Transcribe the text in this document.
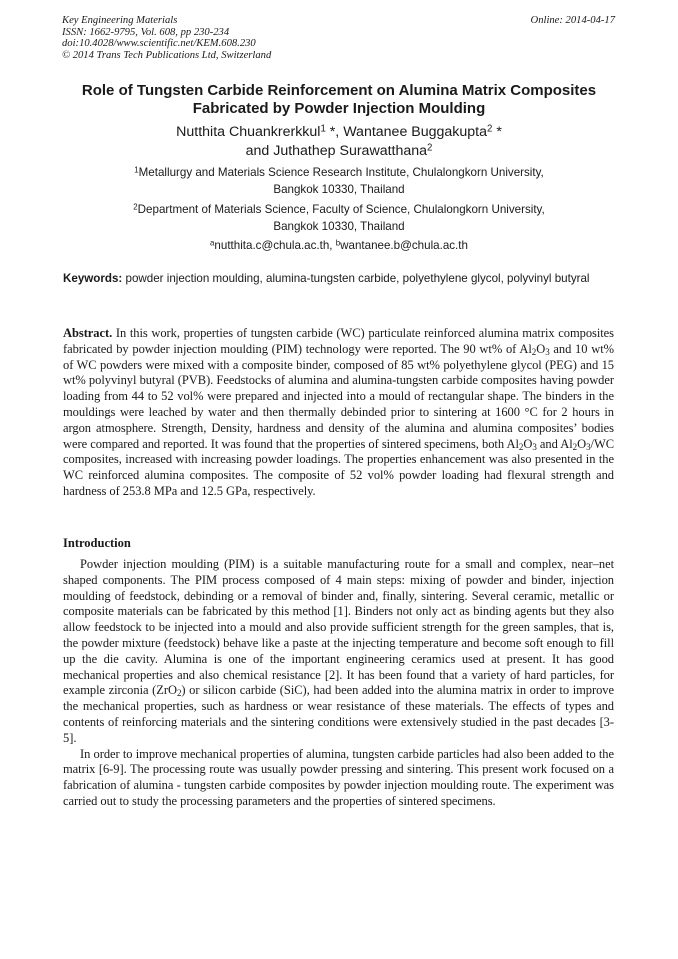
Key Engineering Materials
ISSN: 1662-9795, Vol. 608, pp 230-234
doi:10.4028/www.scientific.net/KEM.608.230
© 2014 Trans Tech Publications Ltd, Switzerland
Online: 2014-04-17
Role of Tungsten Carbide Reinforcement on Alumina Matrix Composites
Fabricated by Powder Injection Moulding
Nutthita Chuankrerkkul$^1$ *, Wantanee Buggakupta$^2$ *
and Juthathep Surawatthana$^2$
$^1$Metallurgy and Materials Science Research Institute, Chulalongkorn University,
Bangkok 10330, Thailand
$^2$Department of Materials Science, Faculty of Science, Chulalongkorn University,
Bangkok 10330, Thailand
$^a$nutthita.c@chula.ac.th, $^b$wantanee.b@chula.ac.th
Keywords: powder injection moulding, alumina-tungsten carbide, polyethylene glycol, polyvinyl butyral
Abstract. In this work, properties of tungsten carbide (WC) particulate reinforced alumina matrix composites fabricated by powder injection moulding (PIM) technology were reported. The 90 wt% of $Al_2O_3$ and 10 wt% of WC powders were mixed with a composite binder, composed of 85 wt% polyethylene glycol (PEG) and 15 wt% polyvinyl butyral (PVB). Feedstocks of alumina and alumina-tungsten carbide composites having powder loading from 44 to 52 vol% were prepared and injected into a mould of rectangular shape. The binders in the mouldings were leached by water and then thermally debinded prior to sintering at 1600 °C for 2 hours in argon atmosphere. Strength, Density, hardness and density of the alumina and alumina composites’ bodies were compared and reported. It was found that the properties of sintered specimens, both $Al_2O_3$ and $Al_2O_3/WC$ composites, increased with increasing powder loadings. The properties enhancement was also presented in the WC reinforced alumina composites. The composite of 52 vol% powder loading had flexural strength and hardness of 253.8 MPa and 12.5 GPa, respectively.
Introduction

Powder injection moulding (PIM) is a suitable manufacturing route for a small and complex, near–net shaped components. The PIM process composed of 4 main steps: mixing of powder and binder, injection moulding of feedstock, debinding or a removal of binder and, finally, sintering. Several ceramic, metallic or composite materials can be fabricated by this method [1]. Binders not only act as binding agents but they also allow feedstock to be injected into a mould and also provide sufficient strength for the green samples, that is, the powder mixture (feedstock) behave like a paste at the injecting temperature and become soft enough to fill up the die cavity. Alumina is one of the important engineering ceramics used at present. It has good mechanical properties and also chemical resistance [2]. It has been found that a variety of hard particles, for example zirconia (ZrO$_2$) or silicon carbide (SiC), had been added into the alumina matrix in order to improve the mechanical properties, such as hardness or wear resistance of these materials. The effects of types and contents of reinforcing materials and the sintering conditions were extensively studied in the past decades [3-5].

In order to improve mechanical properties of alumina, tungsten carbide particles had also been added to the matrix [6-9]. The processing route was usually powder pressing and sintering. This present work focused on a fabrication of alumina - tungsten carbide composites by powder injection moulding route. The experiment was carried out to study the processing parameters and the properties of sintered specimens.
